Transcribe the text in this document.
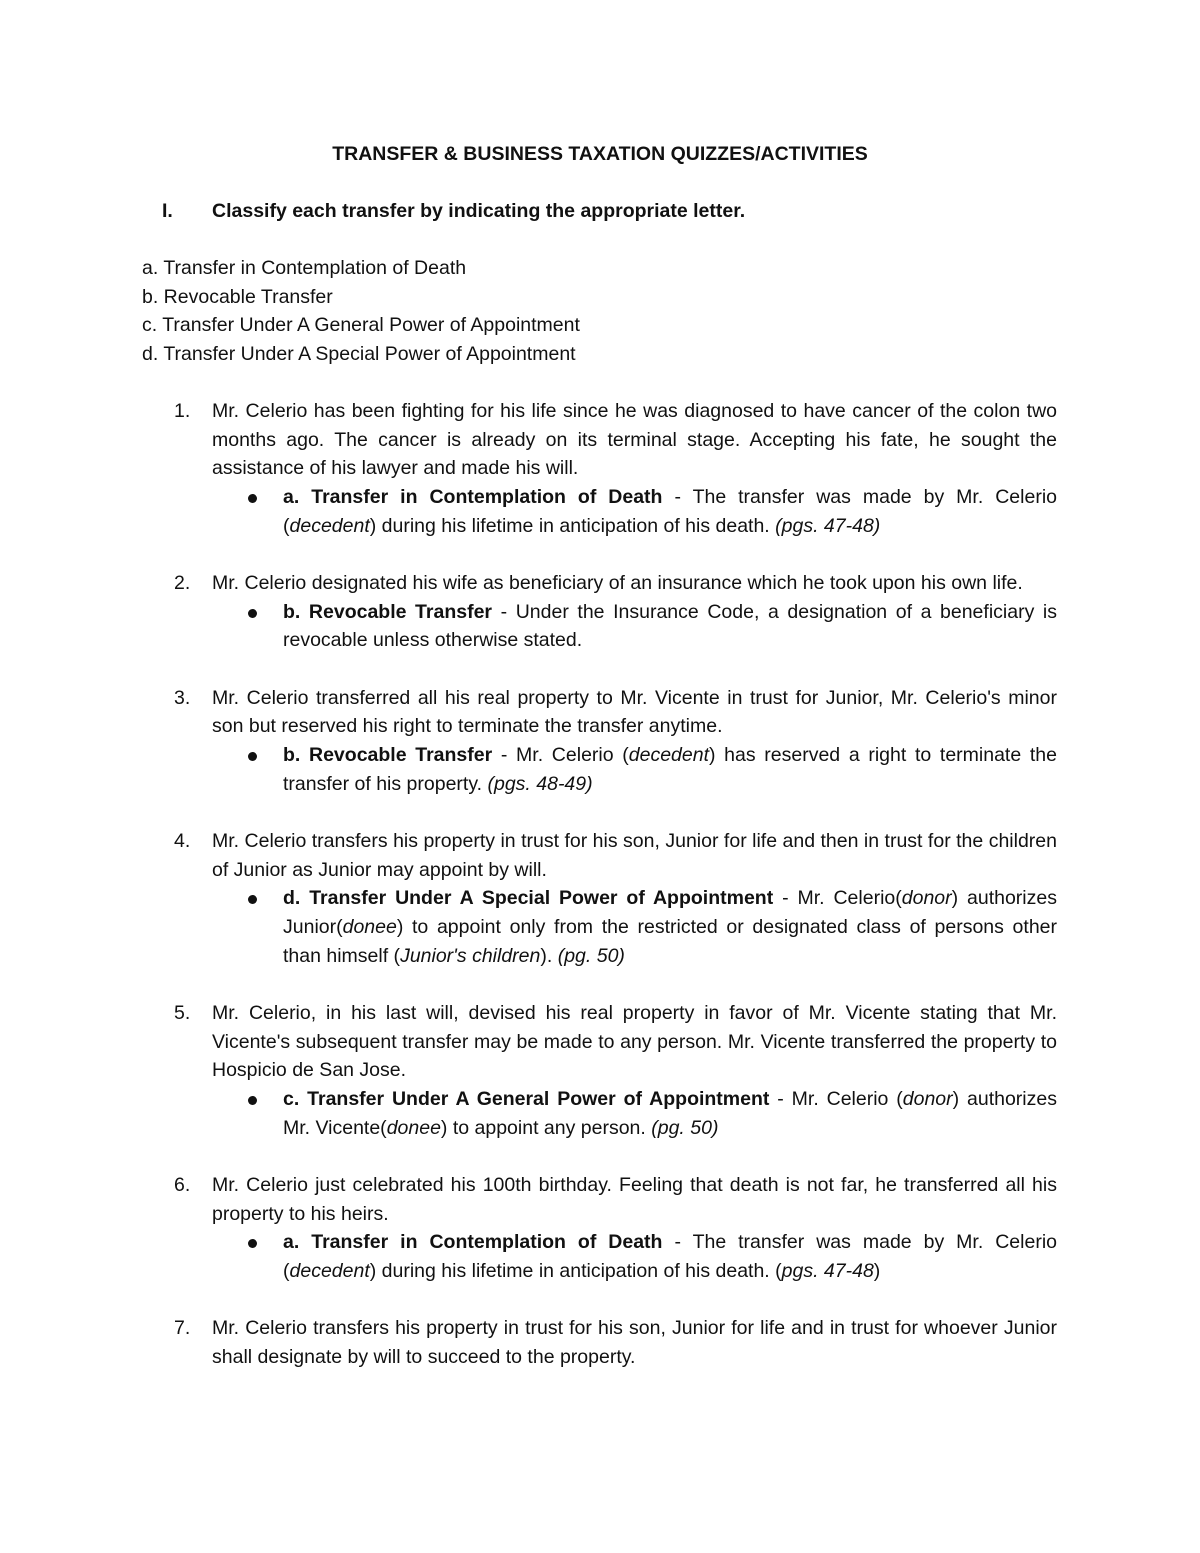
TRANSFER & BUSINESS TAXATION QUIZZES/ACTIVITIES
I. Classify each transfer by indicating the appropriate letter.
a. Transfer in Contemplation of Death
b. Revocable Transfer
c. Transfer Under A General Power of Appointment
d. Transfer Under A Special Power of Appointment
1.	Mr. Celerio has been fighting for his life since he was diagnosed to have cancer of the colon two months ago. The cancer is already on its terminal stage. Accepting his fate, he sought the assistance of his lawyer and made his will.
a. Transfer in Contemplation of Death - The transfer was made by Mr. Celerio (decedent) during his lifetime in anticipation of his death. (pgs. 47-48)
2.	Mr. Celerio designated his wife as beneficiary of an insurance which he took upon his own life.
b. Revocable Transfer - Under the Insurance Code, a designation of a beneficiary is revocable unless otherwise stated.
3.	Mr. Celerio transferred all his real property to Mr. Vicente in trust for Junior, Mr. Celerio's minor son but reserved his right to terminate the transfer anytime.
b. Revocable Transfer - Mr. Celerio (decedent) has reserved a right to terminate the transfer of his property. (pgs. 48-49)
4.	Mr. Celerio transfers his property in trust for his son, Junior for life and then in trust for the children of Junior as Junior may appoint by will.
d. Transfer Under A Special Power of Appointment - Mr. Celerio(donor) authorizes Junior(donee) to appoint only from the restricted or designated class of persons other than himself (Junior's children). (pg. 50)
5.	Mr. Celerio, in his last will, devised his real property in favor of Mr. Vicente stating that Mr. Vicente's subsequent transfer may be made to any person. Mr. Vicente transferred the property to Hospicio de San Jose.
c. Transfer Under A General Power of Appointment - Mr. Celerio (donor) authorizes Mr. Vicente(donee) to appoint any person. (pg. 50)
6.	Mr. Celerio just celebrated his 100th birthday. Feeling that death is not far, he transferred all his property to his heirs.
a. Transfer in Contemplation of Death - The transfer was made by Mr. Celerio (decedent) during his lifetime in anticipation of his death. (pgs. 47-48)
7.	Mr. Celerio transfers his property in trust for his son, Junior for life and in trust for whoever Junior shall designate by will to succeed to the property.
